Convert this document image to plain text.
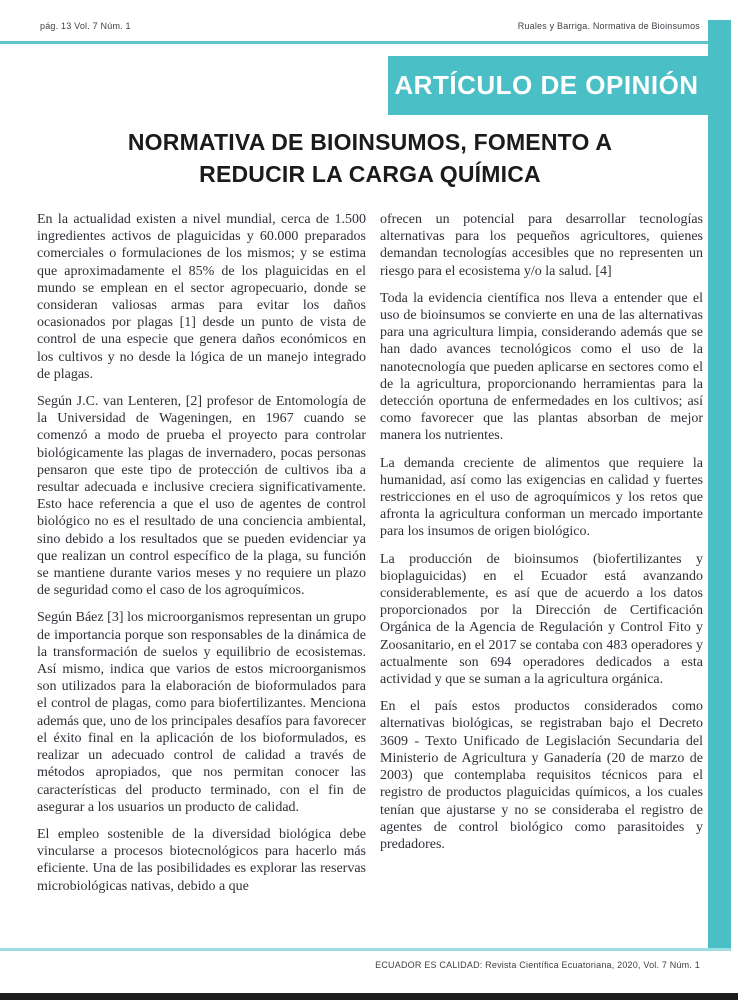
pág. 13 Vol. 7 Núm. 1	Ruales y Barriga. Normativa de Bioinsumos
ARTÍCULO DE OPINIÓN
NORMATIVA DE BIOINSUMOS, FOMENTO A REDUCIR LA CARGA QUÍMICA

En la actualidad existen a nivel mundial, cerca de 1.500 ingredientes activos de plaguicidas y 60.000 preparados comerciales o formulaciones de los mismos; y se estima que aproximadamente el 85% de los plaguicidas en el mundo se emplean en el sector agropecuario, donde se consideran valiosas armas para evitar los daños ocasionados por plagas [1] desde un punto de vista de control de una especie que genera daños económicos en los cultivos y no desde la lógica de un manejo integrado de plagas.

Según J.C. van Lenteren, [2] profesor de Entomología de la Universidad de Wageningen, en 1967 cuando se comenzó a modo de prueba el proyecto para controlar biológicamente las plagas de invernadero, pocas personas pensaron que este tipo de protección de cultivos iba a resultar adecuada e inclusive creciera significativamente. Esto hace referencia a que el uso de agentes de control biológico no es el resultado de una conciencia ambiental, sino debido a los resultados que se pueden evidenciar ya que realizan un control específico de la plaga, su función se mantiene durante varios meses y no requiere un plazo de seguridad como el caso de los agroquímicos.

Según Báez [3] los microorganismos representan un grupo de importancia porque son responsables de la dinámica de la transformación de suelos y equilibrio de ecosistemas. Así mismo, indica que varios de estos microorganismos son utilizados para la elaboración de bioformulados para el control de plagas, como para biofertilizantes. Menciona además que, uno de los principales desafíos para favorecer el éxito final en la aplicación de los bioformulados, es realizar un adecuado control de calidad a través de métodos apropiados, que nos permitan conocer las características del producto terminado, con el fin de asegurar a los usuarios un producto de calidad.

El empleo sostenible de la diversidad biológica debe vincularse a procesos biotecnológicos para hacerlo más eficiente. Una de las posibilidades es explorar las reservas microbiológicas nativas, debido a que

ofrecen un potencial para desarrollar tecnologías alternativas para los pequeños agricultores, quienes demandan tecnologías accesibles que no representen un riesgo para el ecosistema y/o la salud. [4]

Toda la evidencia científica nos lleva a entender que el uso de bioinsumos se convierte en una de las alternativas para una agricultura limpia, considerando además que se han dado avances tecnológicos como el uso de la nanotecnología que pueden aplicarse en sectores como el de la agricultura, proporcionando herramientas para la detección oportuna de enfermedades en los cultivos; así como favorecer que las plantas absorban de mejor manera los nutrientes.

La demanda creciente de alimentos que requiere la humanidad, así como las exigencias en calidad y fuertes restricciones en el uso de agroquímicos y los retos que afronta la agricultura conforman un mercado importante para los insumos de origen biológico.

La producción de bioinsumos (biofertilizantes y bioplaguicidas) en el Ecuador está avanzando considerablemente, es así que de acuerdo a los datos proporcionados por la Dirección de Certificación Orgánica de la Agencia de Regulación y Control Fito y Zoosanitario, en el 2017 se contaba con 483 operadores y actualmente son 694 operadores dedicados a esta actividad y que se suman a la agricultura orgánica.

En el país estos productos considerados como alternativas biológicas, se registraban bajo el Decreto 3609 - Texto Unificado de Legislación Secundaria del Ministerio de Agricultura y Ganadería (20 de marzo de 2003) que contemplaba requisitos técnicos para el registro de productos plaguicidas químicos, a los cuales tenían que ajustarse y no se consideraba el registro de agentes de control biológico como parasitoides y predadores.

ECUADOR ES CALIDAD: Revista Científica Ecuatoriana, 2020, Vol. 7 Núm. 1
